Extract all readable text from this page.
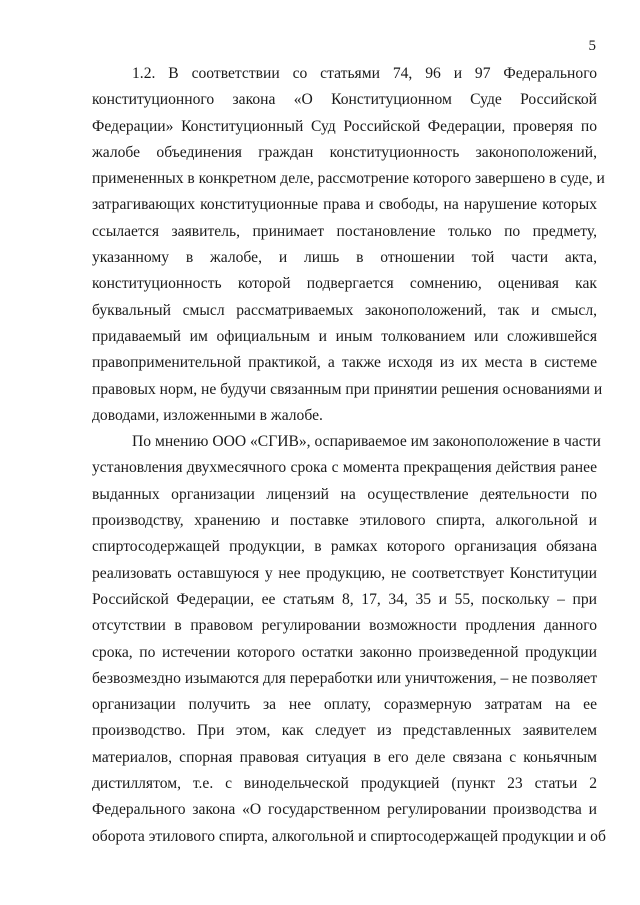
5
1.2. В соответствии со статьями 74, 96 и 97 Федерального
конституционного закона «О Конституционном Суде Российской
Федерации» Конституционный Суд Российской Федерации, проверяя по
жалобе объединения граждан конституционность законоположений,
примененных в конкретном деле, рассмотрение которого завершено в суде, и
затрагивающих конституционные права и свободы, на нарушение которых
ссылается заявитель, принимает постановление только по предмету,
указанному в жалобе, и лишь в отношении той части акта,
конституционность которой подвергается сомнению, оценивая как
буквальный смысл рассматриваемых законоположений, так и смысл,
придаваемый им официальным и иным толкованием или сложившейся
правоприменительной практикой, а также исходя из их места в системе
правовых норм, не будучи связанным при принятии решения основаниями и
доводами, изложенными в жалобе.
По мнению ООО «СГИВ», оспариваемое им законоположение в части
установления двухмесячного срока с момента прекращения действия ранее
выданных организации лицензий на осуществление деятельности по
производству, хранению и поставке этилового спирта, алкогольной и
спиртосодержащей продукции, в рамках которого организация обязана
реализовать оставшуюся у нее продукцию, не соответствует Конституции
Российской Федерации, ее статьям 8, 17, 34, 35 и 55, поскольку – при
отсутствии в правовом регулировании возможности продления данного
срока, по истечении которого остатки законно произведенной продукции
безвозмездно изымаются для переработки или уничтожения, – не позволяет
организации получить за нее оплату, соразмерную затратам на ее
производство. При этом, как следует из представленных заявителем
материалов, спорная правовая ситуация в его деле связана с коньячным
дистиллятом, т.е. с винодельческой продукцией (пункт 23 статьи 2
Федерального закона «О государственном регулировании производства и
оборота этилового спирта, алкогольной и спиртосодержащей продукции и об
